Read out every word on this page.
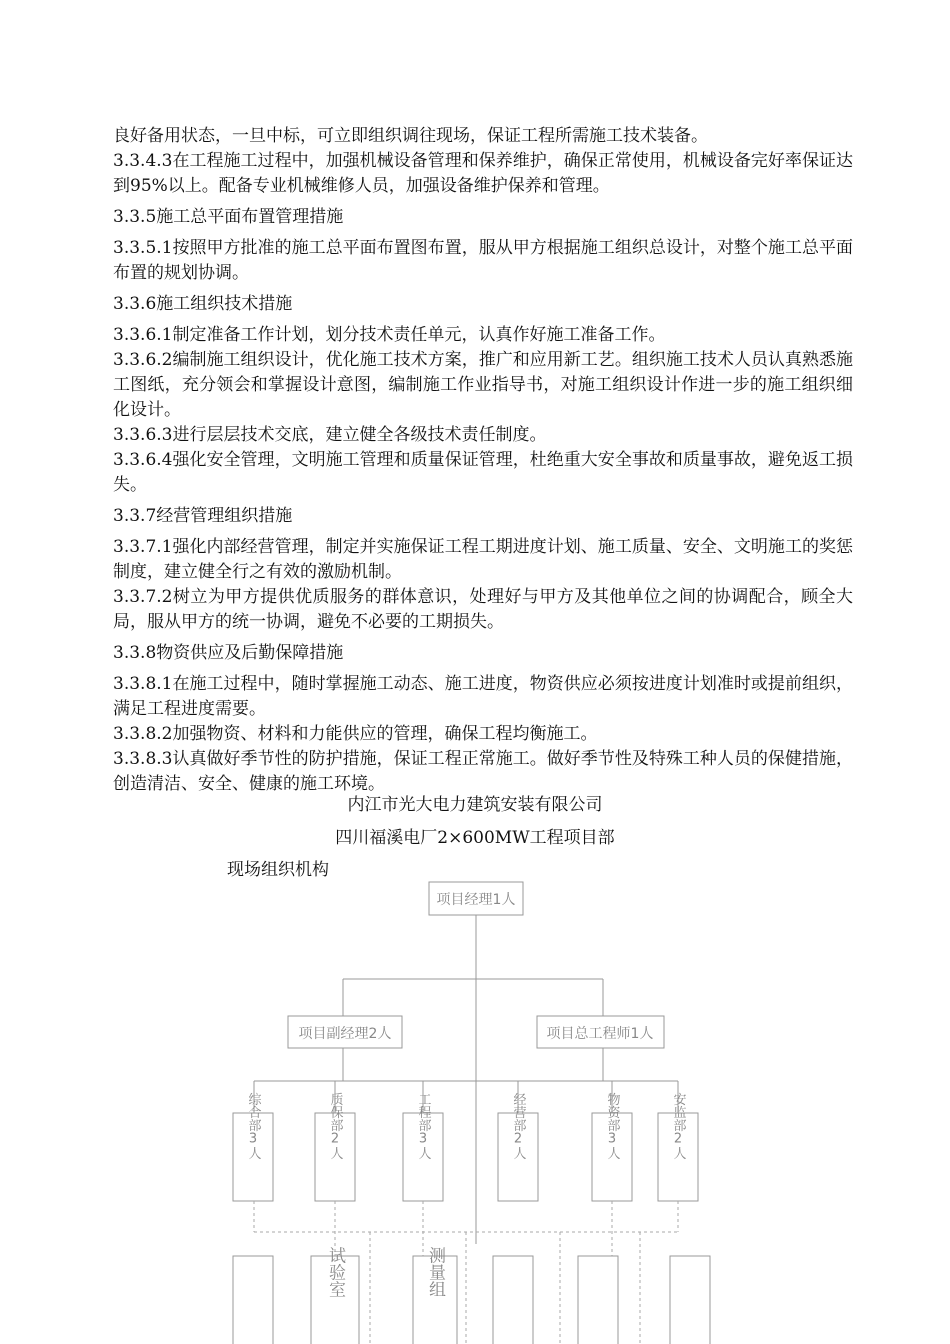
良好备用状态，一旦中标，可立即组织调往现场，保证工程所需施工技术装备。

3.3.4.3在工程施工过程中，加强机械设备管理和保养维护，确保正常使用，机械设备完好率保证达到95%以上。配备专业机械维修人员，加强设备维护保养和管理。

3.3.5施工总平面布置管理措施

3.3.5.1按照甲方批准的施工总平面布置图布置，服从甲方根据施工组织总设计，对整个施工总平面布置的规划协调。

3.3.6施工组织技术措施

3.3.6.1制定准备工作计划，划分技术责任单元，认真作好施工准备工作。

3.3.6.2编制施工组织设计，优化施工技术方案，推广和应用新工艺。组织施工技术人员认真熟悉施工图纸，充分领会和掌握设计意图，编制施工作业指导书，对施工组织设计作进一步的施工组织细化设计。

3.3.6.3进行层层技术交底，建立健全各级技术责任制度。

3.3.6.4强化安全管理，文明施工管理和质量保证管理，杜绝重大安全事故和质量事故，避免返工损失。

3.3.7经营管理组织措施

3.3.7.1强化内部经营管理，制定并实施保证工程工期进度计划、施工质量、安全、文明施工的奖惩制度，建立健全行之有效的激励机制。

3.3.7.2树立为甲方提供优质服务的群体意识，处理好与甲方及其他单位之间的协调配合，顾全大局，服从甲方的统一协调，避免不必要的工期损失。

3.3.8物资供应及后勤保障措施

3.3.8.1在施工过程中，随时掌握施工动态、施工进度，物资供应必须按进度计划准时或提前组织，满足工程进度需要。

3.3.8.2加强物资、材料和力能供应的管理，确保工程均衡施工。

3.3.8.3认真做好季节性的防护措施，保证工程正常施工。做好季节性及特殊工种人员的保健措施，创造清洁、安全、健康的施工环境。

内江市光大电力建筑安装有限公司

四川福溪电厂2×600MW工程项目部

现场组织机构

项目经理1人
项目副经理2人	项目总工程师1人
综合部3人	质保部2人	工程部3人	经营部2人	物资部3人	安监部2人
试验室	测量组
